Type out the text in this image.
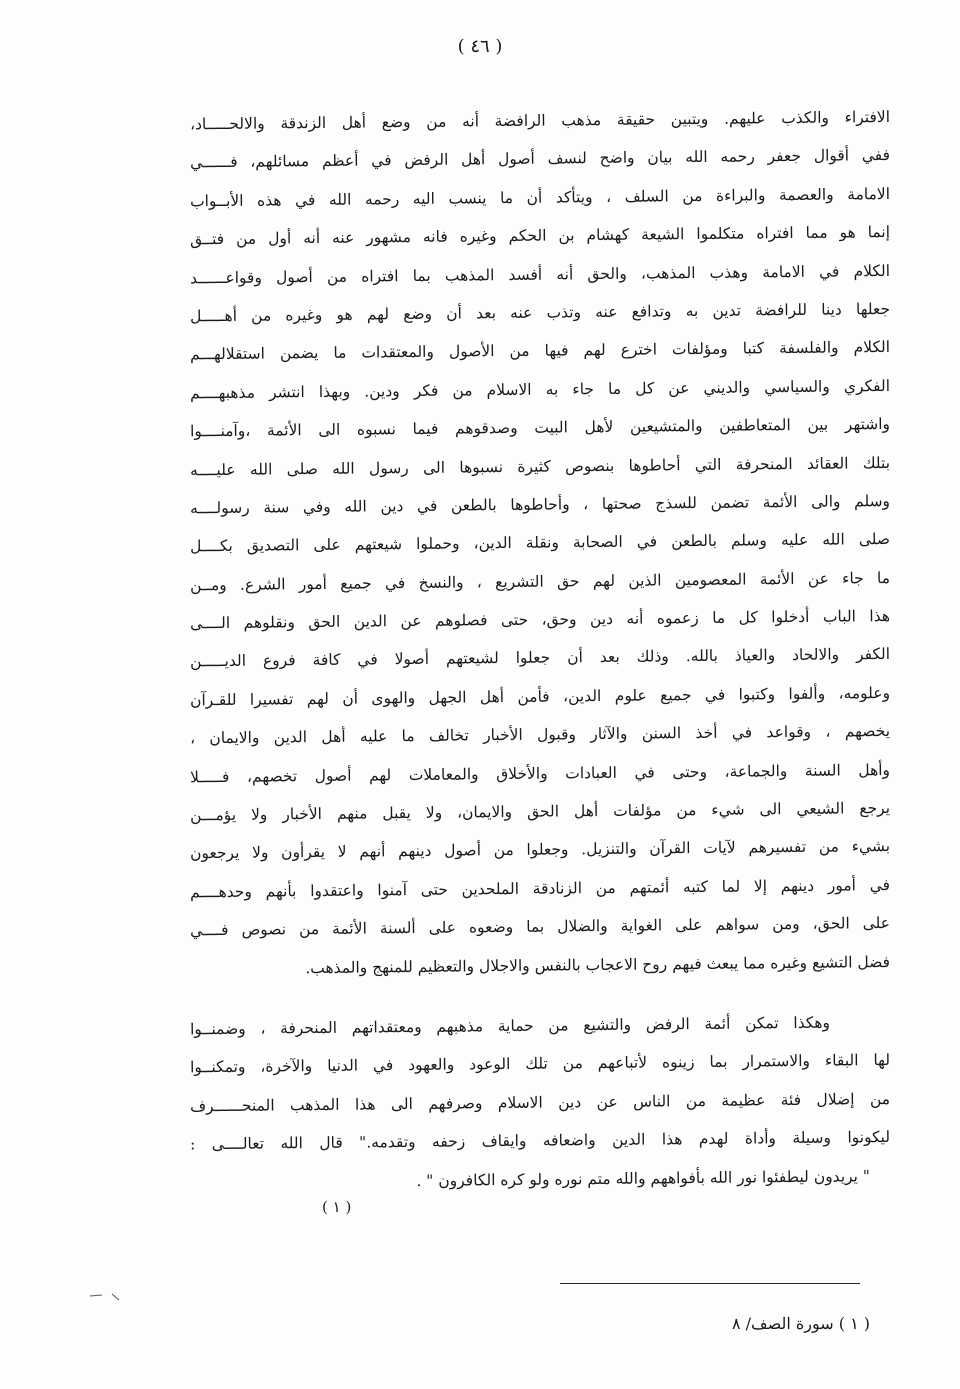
( ٤٦ )
الافتراء والكذب عليهم. ويتبين حقيقة مذهب الرافضة أنه من وضع أهل الزندقة والالحـــــاد،
ففي أقوال جعفر رحمه الله بيان واضح لنسف أصول أهل الرفض في أعظم مسائلهم، فــــــي
الامامة والعصمة والبراءة من السلف ، ويتأكد أن ما ينسب اليه رحمه الله في هذه الأبــواب
إنما هو مما افتراه متكلموا الشيعة كهشام بن الحكم وغيره فانه مشهور عنه أنه أول من فتــق
الكلام في الامامة وهذب المذهب، والحق أنه أفسد المذهب بما افتراه من أصول وقواعــــــد
جعلها دينا للرافضة تدين به وتدافع عنه وتذب عنه بعد أن وضع لهم هو وغيره من أهـــــل
الكلام والفلسفة كتبا ومؤلفات اخترع لهم فيها من الأصول والمعتقدات ما يضمن استقلالهـــم
الفكري والسياسي والديني عن كل ما جاء به الاسلام من فكر ودين. وبهذا انتشر مذهبهــــم
واشتهر بين المتعاطفين والمتشيعين لأهل البيت وصدقوهم فيما نسبوه الى الأئمة ،وآمنــــوا
بتلك العقائد المنحرفة التي أحاطوها بنصوص كثيرة نسبوها الى رسول الله صلى الله عليــــه
وسلم والى الأئمة تضمن للسذج صحتها ، وأحاطوها بالطعن في دين الله وفي سنة رسولــــه
صلى الله عليه وسلم بالطعن في الصحابة ونقلة الدين، وحملوا شيعتهم على التصديق بكــــل
ما جاء عن الأئمة المعصومين الذين لهم حق التشريع ، والنسخ في جميع أمور الشرع. ومــن
هذا الباب أدخلوا كل ما زعموه أنه دين وحق، حتى فصلوهم عن الدين الحق ونقلوهم الــــى
الكفر والالحاد والعياذ بالله. وذلك بعد أن جعلوا لشيعتهم أصولا في كافة فروع الديـــــن
وعلومه، وألفوا وكتبوا في جميع علوم الدين، فأمن أهل الجهل والهوى أن لهم تفسيرا للقـرآن
يخصهم ، وقواعد في أخذ السنن والآثار وقبول الأخبار تخالف ما عليه أهل الدين والايمان ،
وأهل السنة والجماعة، وحتى في العبادات والأخلاق والمعاملات لهم أصول تخصهم، فـــــلا
يرجع الشيعي الى شيء من مؤلفات أهل الحق والايمان، ولا يقبل منهم الأخبار ولا يؤمـــن
بشيء من تفسيرهم لآيات القرآن والتنزيل. وجعلوا من أصول دينهم أنهم لا يقرأون ولا يرجعون
في أمور دينهم إلا لما كتبه أئمتهم من الزنادقة الملحدين حتى آمنوا واعتقدوا بأنهم وحدهــــم
على الحق، ومن سواهم على الغواية والضلال بما وضعوه على ألسنة الأئمة من نصوص فــــي
فضل التشيع وغيره مما يبعث فيهم روح الاعجاب بالنفس والاجلال والتعظيم للمنهج والمذهب.
وهكذا تمكن أئمة الرفض والتشيع من حماية مذهبهم ومعتقداتهم المنحرفة ، وضمنــوا
لها البقاء والاستمرار بما زينوه لأتباعهم من تلك الوعود والعهود في الدنيا والآخرة، وتمكنــوا
من إضلال فئة عظيمة من الناس عن دين الاسلام وصرفهم الى هذا المذهب المنحــــــرف
ليكونوا وسيلة وأداة لهدم هذا الدين واضعافه وايقاف زحفه وتقدمه." قال الله تعالــــى :
" يريدون ليطفئوا نور الله بأفواههم والله متم نوره ولو كره الكافرون " .
( ١ )
( ١ ) سورة الصف/ ٨
